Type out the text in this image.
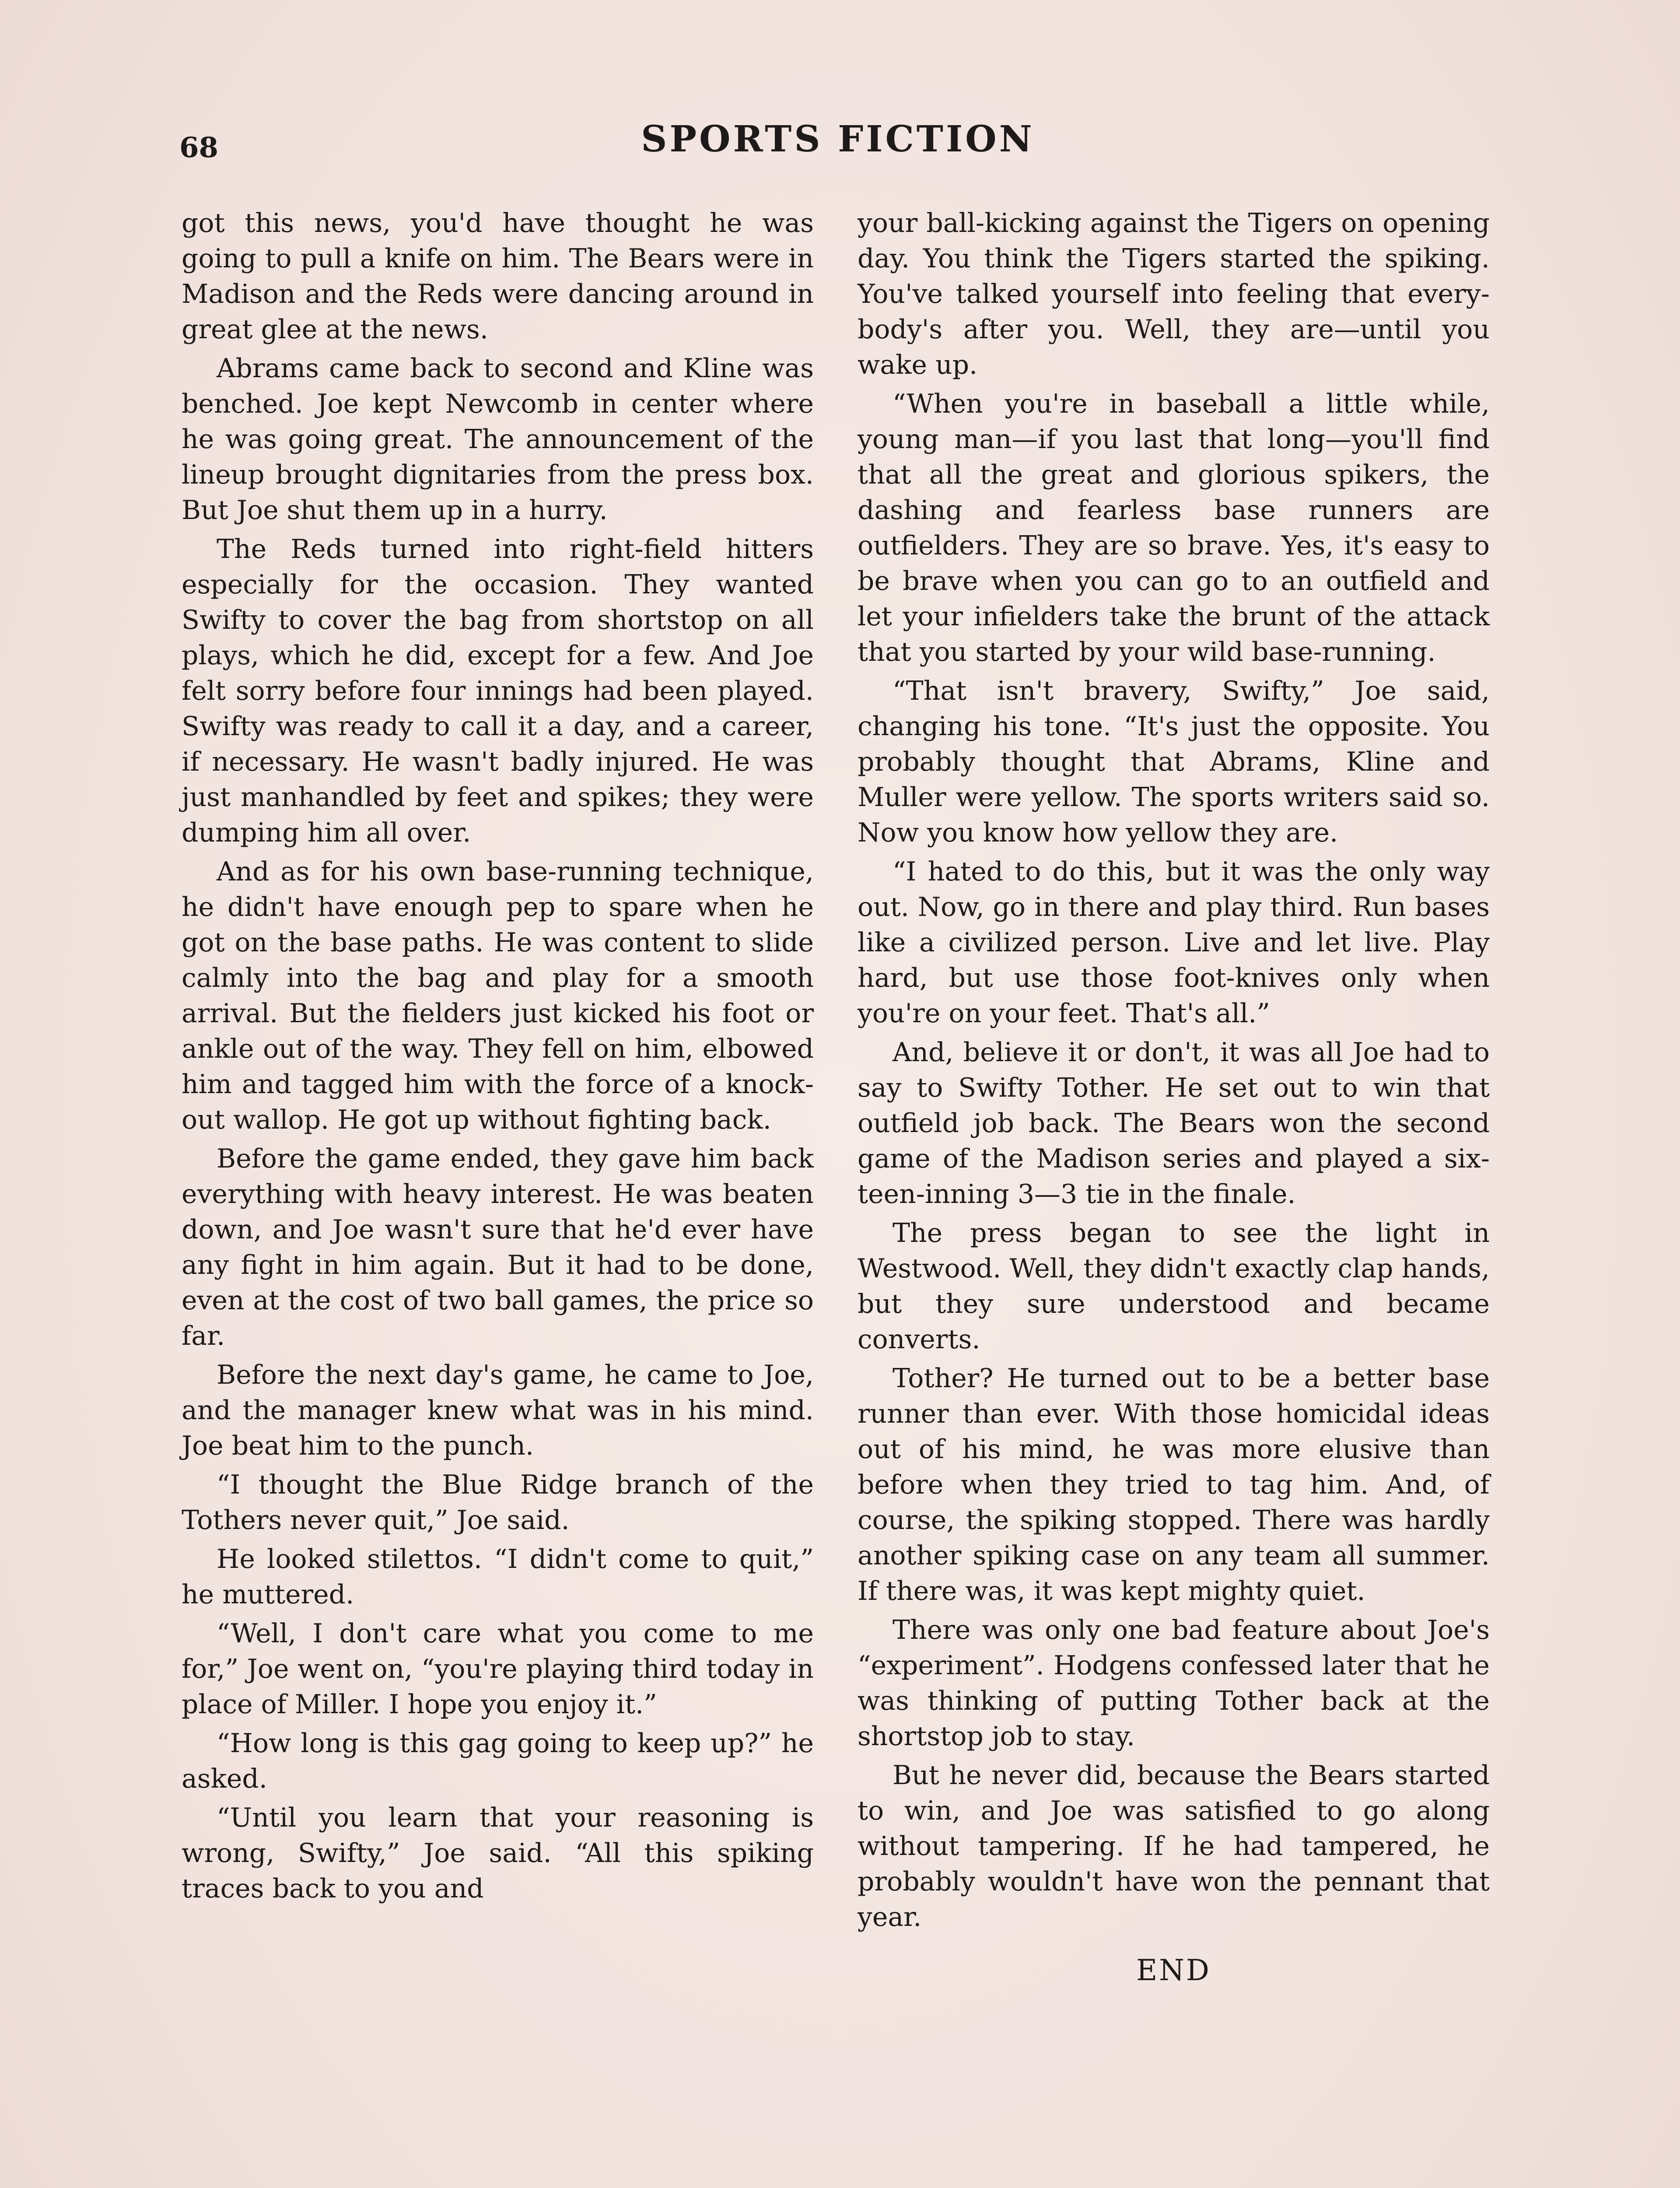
68	SPORTS FICTION

got this news, you'd have thought he was going to pull a knife on him. The Bears were in Madison and the Reds were dancing around in great glee at the news.

Abrams came back to second and Kline was benched. Joe kept Newcomb in center where he was going great. The announcement of the lineup brought dignitaries from the press box. But Joe shut them up in a hurry.

The Reds turned into right-field hitters especially for the occasion. They wanted Swifty to cover the bag from shortstop on all plays, which he did, except for a few. And Joe felt sorry before four innings had been played. Swifty was ready to call it a day, and a career, if necessary. He wasn't badly injured. He was just manhandled by feet and spikes; they were dumping him all over.

And as for his own base-running technique, he didn't have enough pep to spare when he got on the base paths. He was content to slide calmly into the bag and play for a smooth arrival. But the fielders just kicked his foot or ankle out of the way. They fell on him, elbowed him and tagged him with the force of a knockout wallop. He got up without fighting back.

Before the game ended, they gave him back everything with heavy interest. He was beaten down, and Joe wasn't sure that he'd ever have any fight in him again. But it had to be done, even at the cost of two ball games, the price so far.

Before the next day's game, he came to Joe, and the manager knew what was in his mind. Joe beat him to the punch.

“I thought the Blue Ridge branch of the Tothers never quit,” Joe said.

He looked stilettos. “I didn't come to quit,” he muttered.

“Well, I don't care what you come to me for,” Joe went on, “you're playing third today in place of Miller. I hope you enjoy it.”

“How long is this gag going to keep up?” he asked.

“Until you learn that your reasoning is wrong, Swifty,” Joe said. “All this spiking traces back to you and

your ball-kicking against the Tigers on opening day. You think the Tigers started the spiking. You've talked yourself into feeling that everybody's after you. Well, they are—until you wake up.

“When you're in baseball a little while, young man—if you last that long—you'll find that all the great and glorious spikers, the dashing and fearless base runners are outfielders. They are so brave. Yes, it's easy to be brave when you can go to an outfield and let your infielders take the brunt of the attack that you started by your wild base-running.

“That isn't bravery, Swifty,” Joe said, changing his tone. “It's just the opposite. You probably thought that Abrams, Kline and Muller were yellow. The sports writers said so. Now you know how yellow they are.

“I hated to do this, but it was the only way out. Now, go in there and play third. Run bases like a civilized person. Live and let live. Play hard, but use those foot-knives only when you're on your feet. That's all.”

And, believe it or don't, it was all Joe had to say to Swifty Tother. He set out to win that outfield job back. The Bears won the second game of the Madison series and played a sixteen-inning 3—3 tie in the finale.

The press began to see the light in Westwood. Well, they didn't exactly clap hands, but they sure understood and became converts.

Tother? He turned out to be a better base runner than ever. With those homicidal ideas out of his mind, he was more elusive than before when they tried to tag him. And, of course, the spiking stopped. There was hardly another spiking case on any team all summer. If there was, it was kept mighty quiet.

There was only one bad feature about Joe's “experiment”. Hodgens confessed later that he was thinking of putting Tother back at the shortstop job to stay.

But he never did, because the Bears started to win, and Joe was satisfied to go along without tampering. If he had tampered, he probably wouldn't have won the pennant that year.

END
